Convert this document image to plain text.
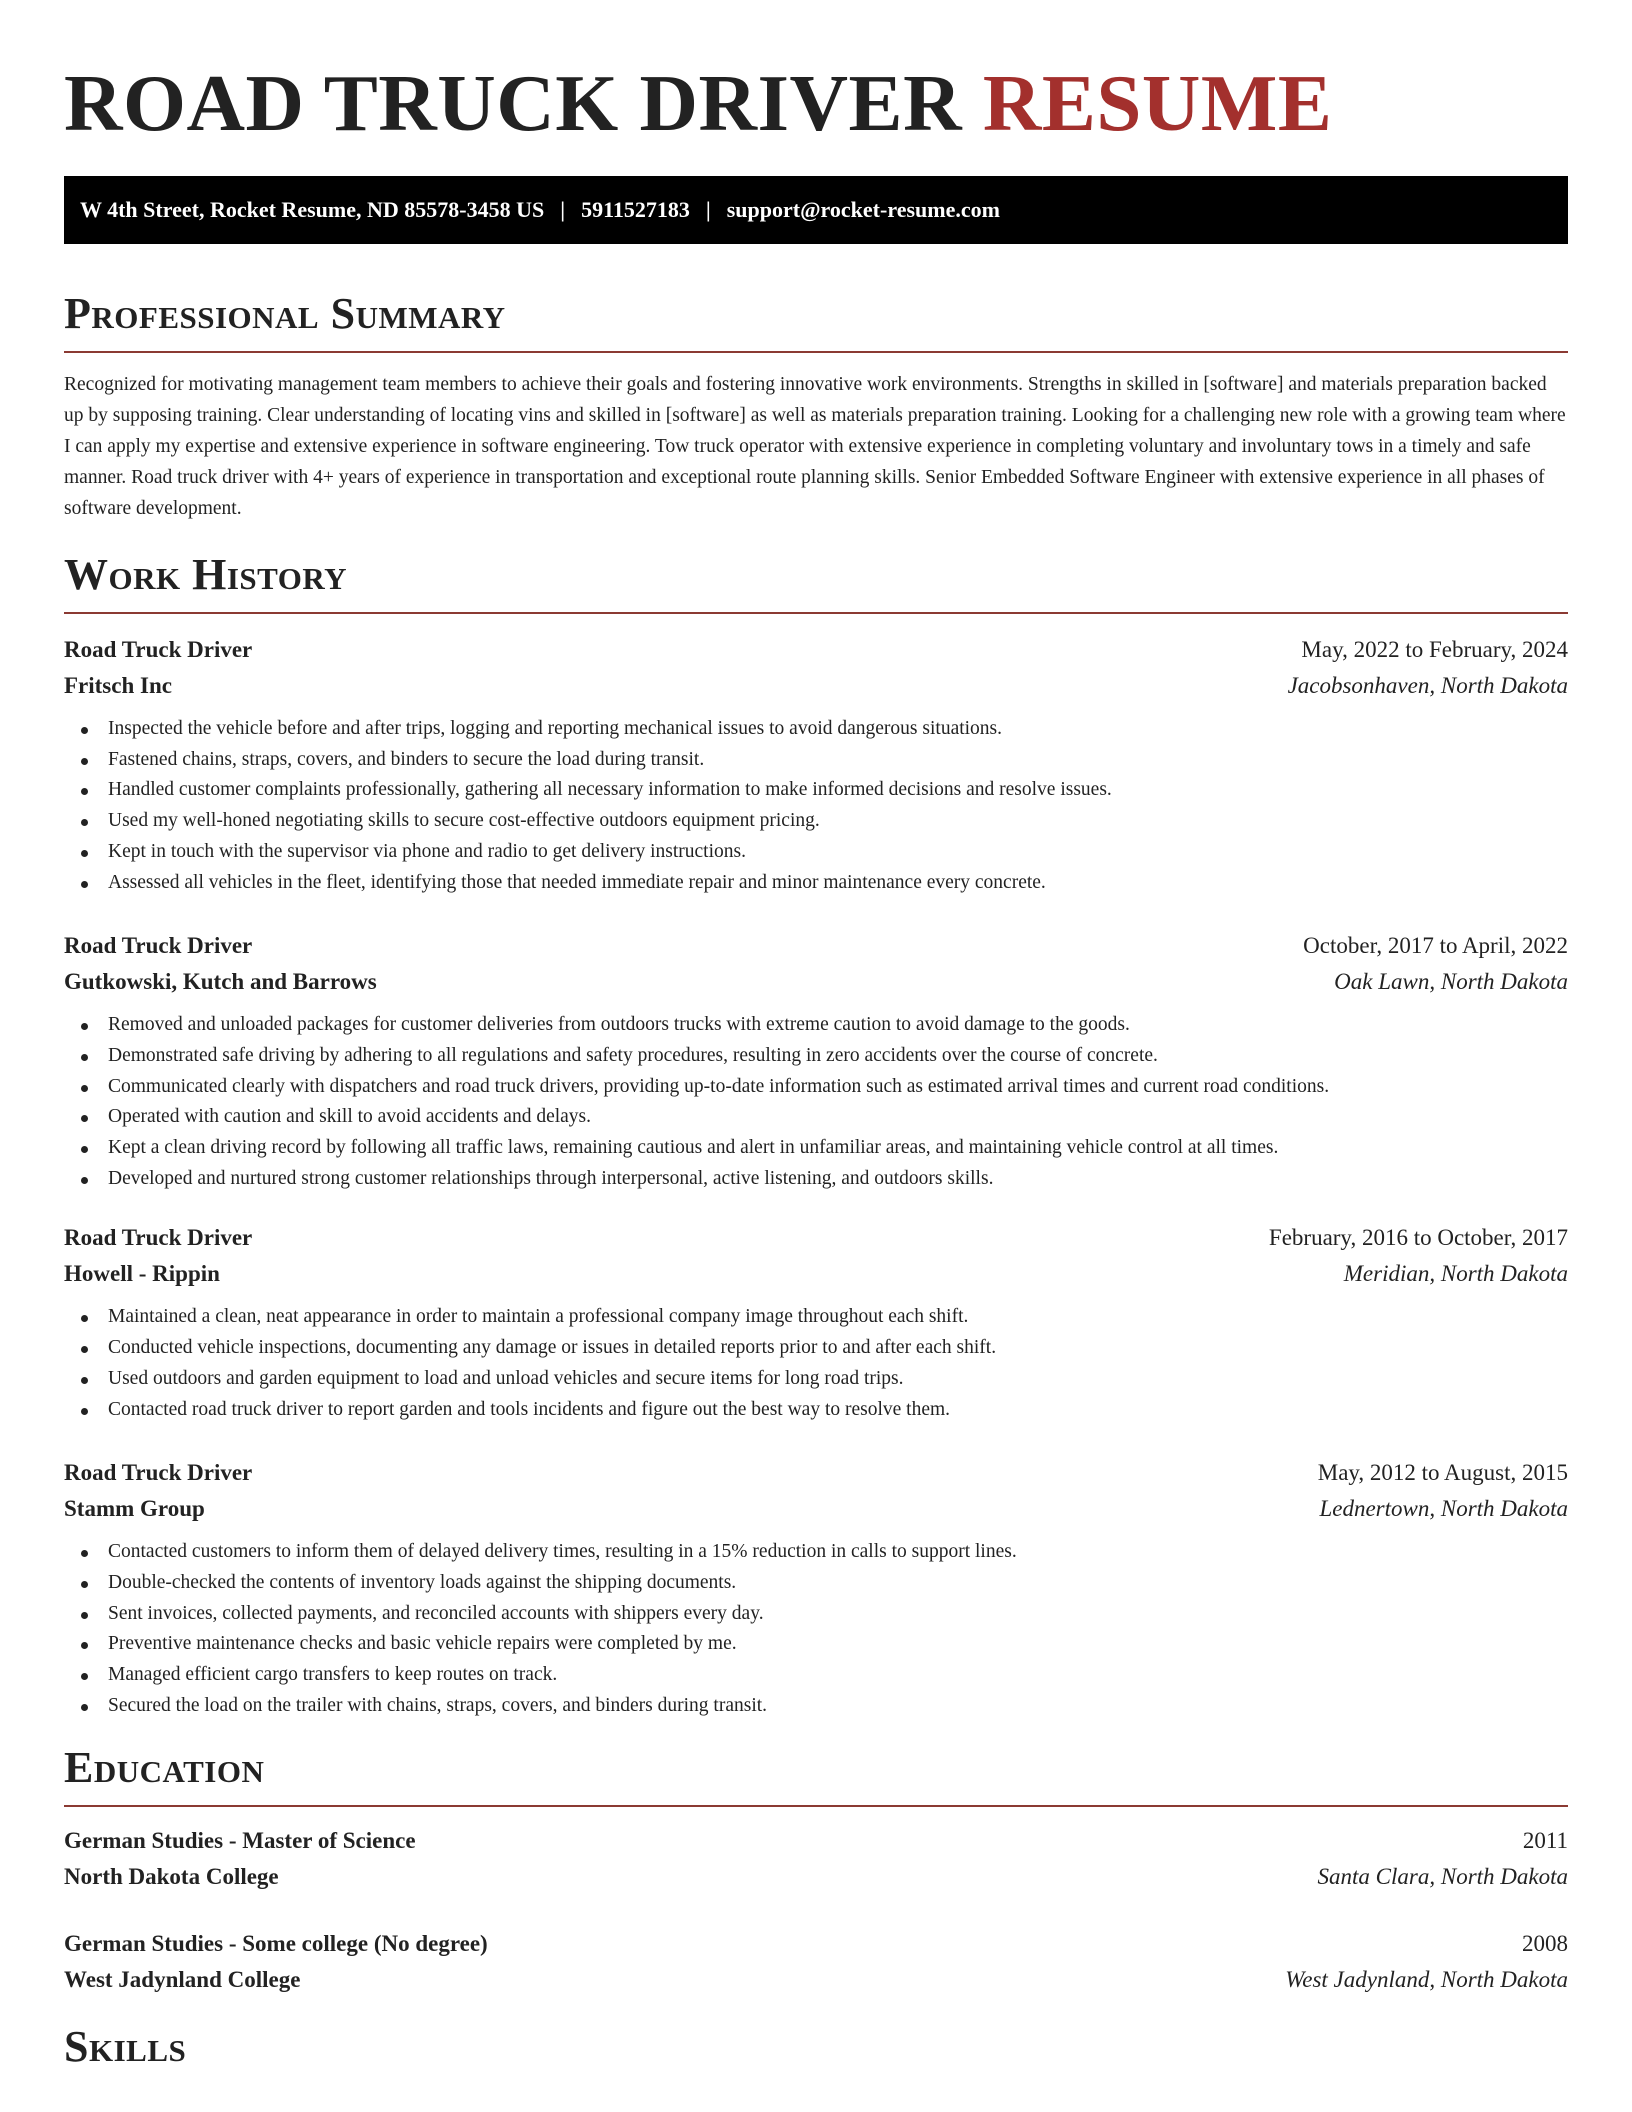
ROAD TRUCK DRIVER RESUME
W 4th Street, Rocket Resume, ND 85578-3458 US | 5911527183 | support@rocket-resume.com
Professional Summary

Recognized for motivating management team members to achieve their goals and fostering innovative work environments. Strengths in skilled in [software] and materials preparation backed up by supposing training. Clear understanding of locating vins and skilled in [software] as well as materials preparation training. Looking for a challenging new role with a growing team where I can apply my expertise and extensive experience in software engineering. Tow truck operator with extensive experience in completing voluntary and involuntary tows in a timely and safe manner. Road truck driver with 4+ years of experience in transportation and exceptional route planning skills. Senior Embedded Software Engineer with extensive experience in all phases of software development.

Work History
Road Truck Driver	May, 2022 to February, 2024
Fritsch Inc	Jacobsonhaven, North Dakota
Inspected the vehicle before and after trips, logging and reporting mechanical issues to avoid dangerous situations.
Fastened chains, straps, covers, and binders to secure the load during transit.
Handled customer complaints professionally, gathering all necessary information to make informed decisions and resolve issues.
Used my well-honed negotiating skills to secure cost-effective outdoors equipment pricing.
Kept in touch with the supervisor via phone and radio to get delivery instructions.
Assessed all vehicles in the fleet, identifying those that needed immediate repair and minor maintenance every concrete.
Road Truck Driver	October, 2017 to April, 2022
Gutkowski, Kutch and Barrows	Oak Lawn, North Dakota
Removed and unloaded packages for customer deliveries from outdoors trucks with extreme caution to avoid damage to the goods.
Demonstrated safe driving by adhering to all regulations and safety procedures, resulting in zero accidents over the course of concrete.
Communicated clearly with dispatchers and road truck drivers, providing up-to-date information such as estimated arrival times and current road conditions.
Operated with caution and skill to avoid accidents and delays.
Kept a clean driving record by following all traffic laws, remaining cautious and alert in unfamiliar areas, and maintaining vehicle control at all times.
Developed and nurtured strong customer relationships through interpersonal, active listening, and outdoors skills.
Road Truck Driver	February, 2016 to October, 2017
Howell - Rippin	Meridian, North Dakota
Maintained a clean, neat appearance in order to maintain a professional company image throughout each shift.
Conducted vehicle inspections, documenting any damage or issues in detailed reports prior to and after each shift.
Used outdoors and garden equipment to load and unload vehicles and secure items for long road trips.
Contacted road truck driver to report garden and tools incidents and figure out the best way to resolve them.
Road Truck Driver	May, 2012 to August, 2015
Stamm Group	Lednertown, North Dakota
Contacted customers to inform them of delayed delivery times, resulting in a 15% reduction in calls to support lines.
Double-checked the contents of inventory loads against the shipping documents.
Sent invoices, collected payments, and reconciled accounts with shippers every day.
Preventive maintenance checks and basic vehicle repairs were completed by me.
Managed efficient cargo transfers to keep routes on track.
Secured the load on the trailer with chains, straps, covers, and binders during transit.
Education
German Studies - Master of Science	2011
North Dakota College	Santa Clara, North Dakota
German Studies - Some college (No degree)	2008
West Jadynland College	West Jadynland, North Dakota
Skills
